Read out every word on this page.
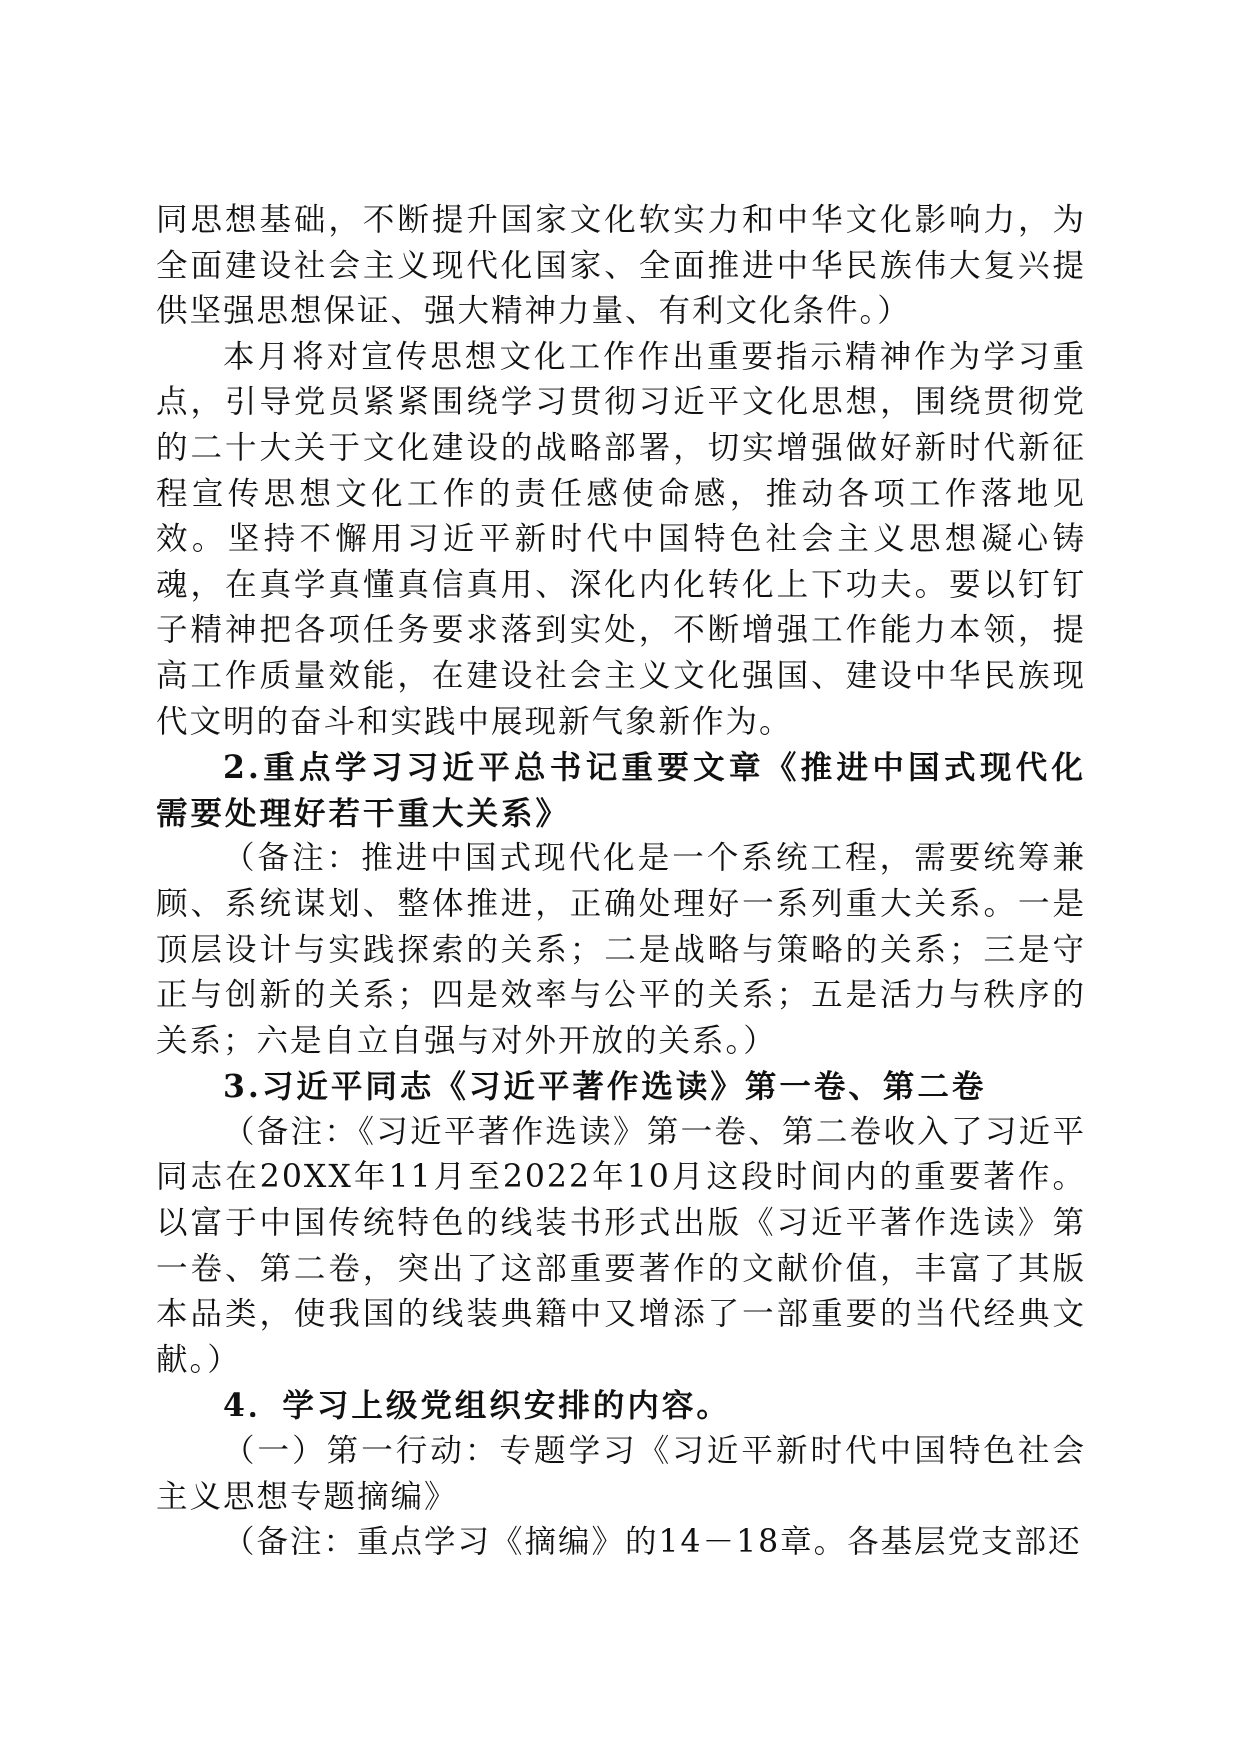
同思想基础，不断提升国家文化软实力和中华文化影响力，为全面建设社会主义现代化国家、全面推进中华民族伟大复兴提供坚强思想保证、强大精神力量、有利文化条件。）

本月将对宣传思想文化工作作出重要指示精神作为学习重点，引导党员紧紧围绕学习贯彻习近平文化思想，围绕贯彻党的二十大关于文化建设的战略部署，切实增强做好新时代新征程宣传思想文化工作的责任感使命感，推动各项工作落地见效。坚持不懈用习近平新时代中国特色社会主义思想凝心铸魂，在真学真懂真信真用、深化内化转化上下功夫。要以钉钉子精神把各项任务要求落到实处，不断增强工作能力本领，提高工作质量效能，在建设社会主义文化强国、建设中华民族现代文明的奋斗和实践中展现新气象新作为。

2.重点学习习近平总书记重要文章《推进中国式现代化需要处理好若干重大关系》

（备注：推进中国式现代化是一个系统工程，需要统筹兼顾、系统谋划、整体推进，正确处理好一系列重大关系。一是顶层设计与实践探索的关系；二是战略与策略的关系；三是守正与创新的关系；四是效率与公平的关系；五是活力与秩序的关系；六是自立自强与对外开放的关系。）

3.习近平同志《习近平著作选读》第一卷、第二卷

（备注：《习近平著作选读》第一卷、第二卷收入了习近平同志在20XX年11月至2022年10月这段时间内的重要著作。以富于中国传统特色的线装书形式出版《习近平著作选读》第一卷、第二卷，突出了这部重要著作的文献价值，丰富了其版本品类，使我国的线装典籍中又增添了一部重要的当代经典文献。）

4．学习上级党组织安排的内容。

（一）第一行动：专题学习《习近平新时代中国特色社会主义思想专题摘编》

（备注：重点学习《摘编》的14－18章。各基层党支部还
